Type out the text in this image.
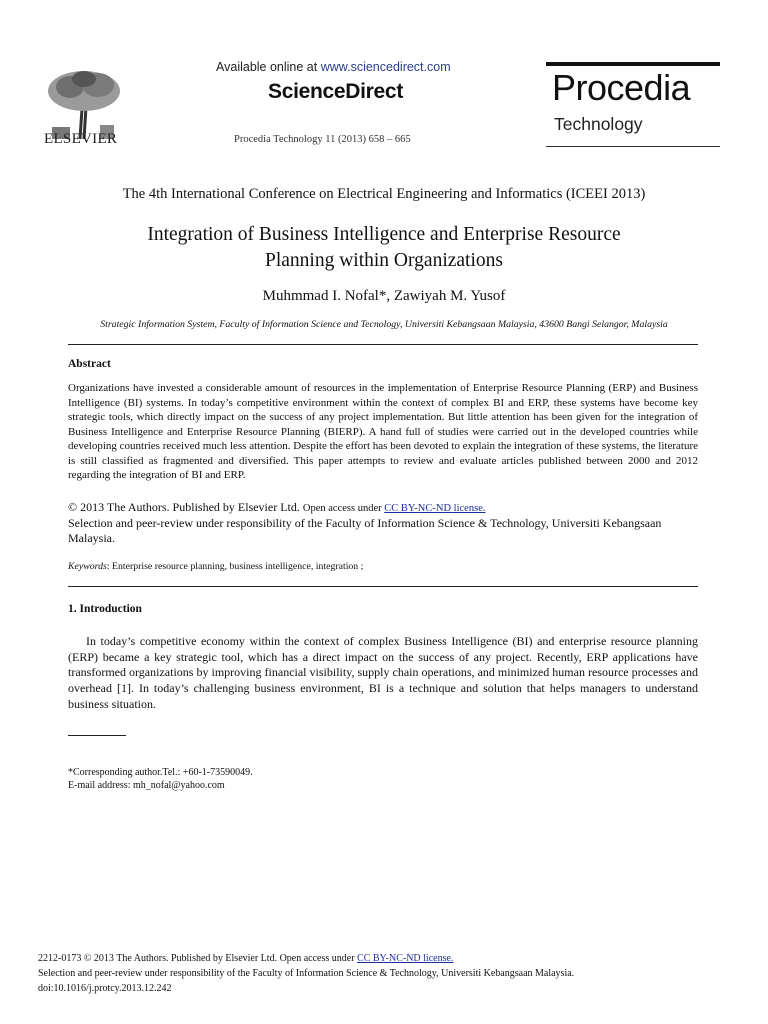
ELSEVIER
Available online at www.sciencedirect.com
ScienceDirect
Procedia Technology 11 (2013) 658 – 665
Procedia
Technology
The 4th International Conference on Electrical Engineering and Informatics (ICEEI 2013)
Integration of Business Intelligence and Enterprise Resource
Planning within Organizations
Muhmmad I. Nofal*, Zawiyah M. Yusof
Strategic Information System, Faculty of Information Science and Tecnology, Universiti Kebangsaan Malaysia, 43600 Bangi Selangor, Malaysia
Abstract
Organizations have invested a considerable amount of resources in the implementation of Enterprise Resource Planning (ERP) and Business Intelligence (BI) systems. In today’s competitive environment within the context of complex BI and ERP, these systems have become key strategic tools, which directly impact on the success of any project implementation. But little attention has been given for the integration of Business Intelligence and Enterprise Resource Planning (BIERP). A hand full of studies were carried out in the developed countries while developing countries received much less attention. Despite the effort has been devoted to explain the integration of these systems, the literature is still classified as fragmented and diversified. This paper attempts to review and evaluate articles published between 2000 and 2012 regarding the integration of BI and ERP.
© 2013 The Authors. Published by Elsevier Ltd. Open access under CC BY-NC-ND license.
Selection and peer-review under responsibility of the Faculty of Information Science & Technology, Universiti Kebangsaan Malaysia.
Keywords: Enterprise resource planning, business intelligence, integration ;
1. Introduction
In today’s competitive economy within the context of complex Business Intelligence (BI) and enterprise resource planning (ERP) became a key strategic tool, which has a direct impact on the success of any project. Recently, ERP applications have transformed organizations by improving financial visibility, supply chain operations, and minimized human resource processes and overhead [1]. In today’s challenging business environment, BI is a technique and solution that helps managers to understand business situation.
*Corresponding author.Tel.: +60-1-73590049.
E-mail address: mh_nofal@yahoo.com
2212-0173 © 2013 The Authors. Published by Elsevier Ltd. Open access under CC BY-NC-ND license.
Selection and peer-review under responsibility of the Faculty of Information Science & Technology, Universiti Kebangsaan Malaysia.
doi:10.1016/j.protcy.2013.12.242
